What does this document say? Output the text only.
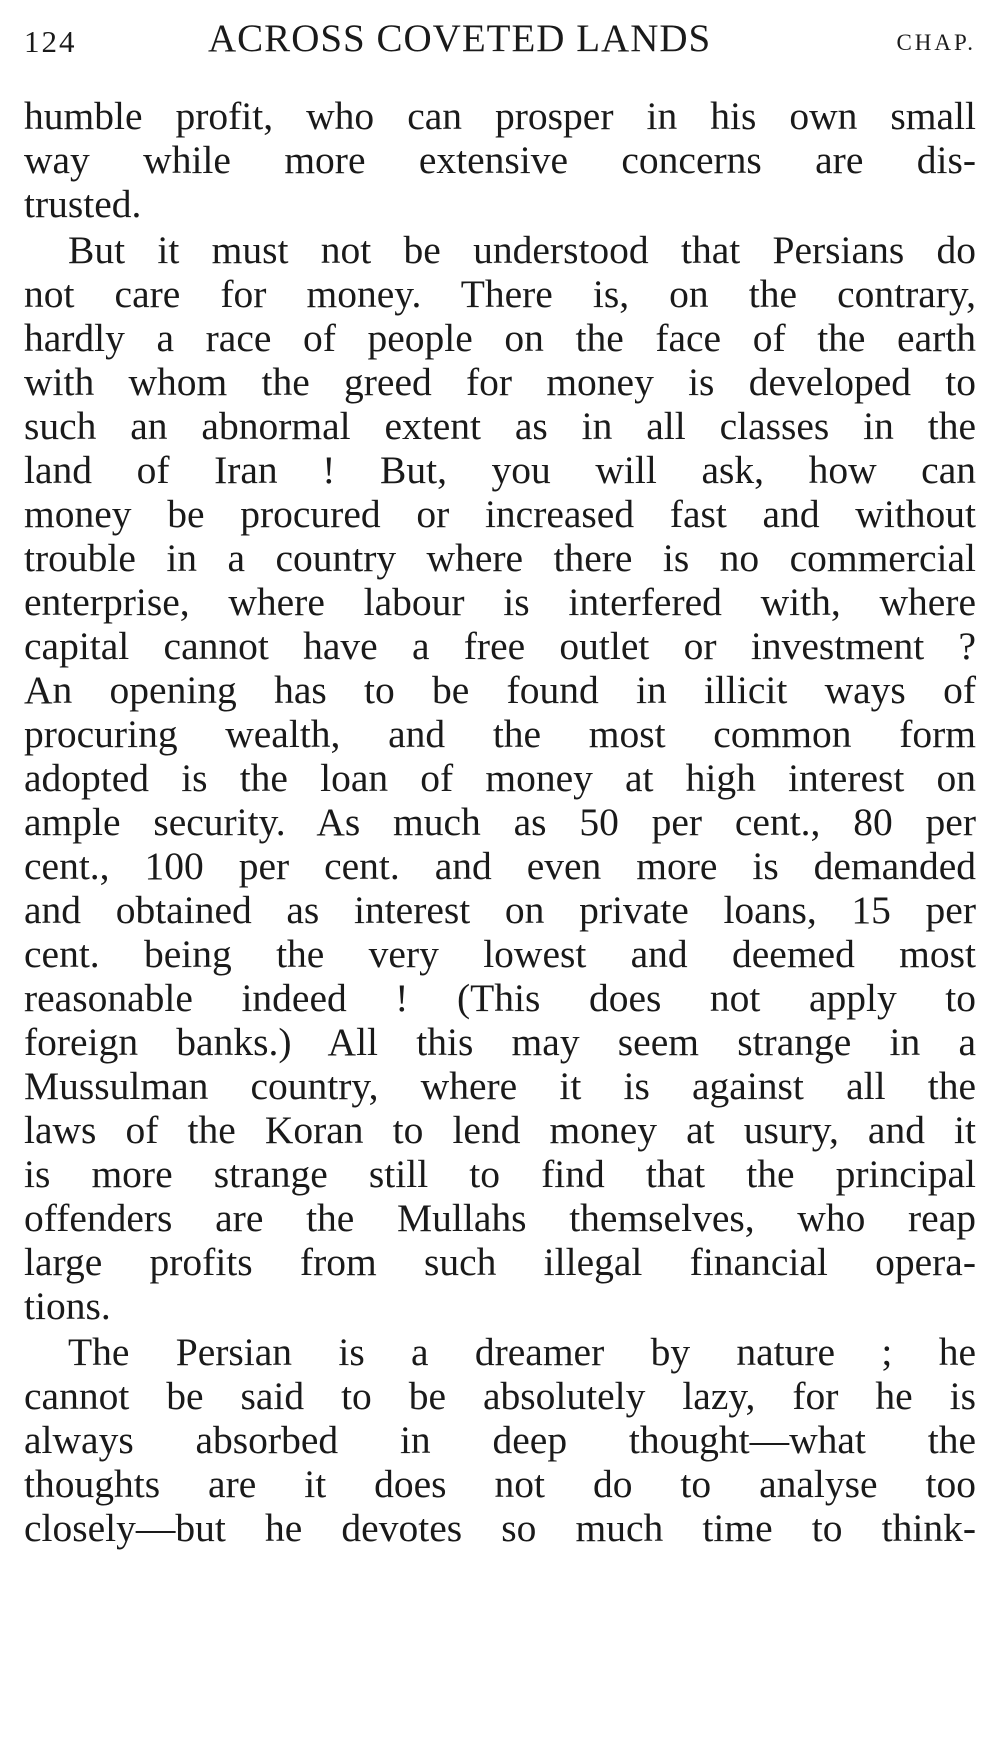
124	ACROSS COVETED LANDS	CHAP.
humble profit, who can prosper in his own small
way while more extensive concerns are dis-
trusted.
But it must not be understood that Persians do
not care for money. There is, on the contrary,
hardly a race of people on the face of the earth
with whom the greed for money is developed to
such an abnormal extent as in all classes in the
land of Iran ! But, you will ask, how can
money be procured or increased fast and without
trouble in a country where there is no commercial
enterprise, where labour is interfered with, where
capital cannot have a free outlet or investment ?
An opening has to be found in illicit ways of
procuring wealth, and the most common form
adopted is the loan of money at high interest on
ample security. As much as 50 per cent., 80 per
cent., 100 per cent. and even more is demanded
and obtained as interest on private loans, 15 per
cent. being the very lowest and deemed most
reasonable indeed ! (This does not apply to
foreign banks.) All this may seem strange in a
Mussulman country, where it is against all the
laws of the Koran to lend money at usury, and it
is more strange still to find that the principal
offenders are the Mullahs themselves, who reap
large profits from such illegal financial opera-
tions.
The Persian is a dreamer by nature ; he
cannot be said to be absolutely lazy, for he is
always absorbed in deep thought—what the
thoughts are it does not do to analyse too
closely—but he devotes so much time to think-
